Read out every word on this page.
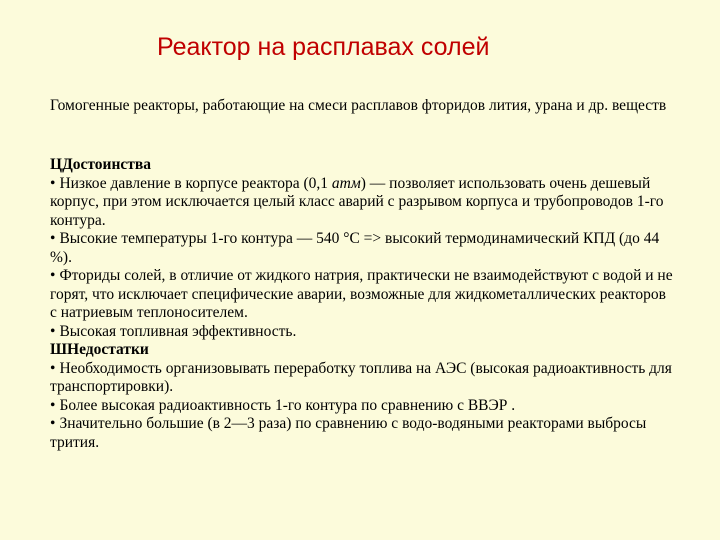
Реактор на расплавах солей
Гомогенные реакторы, работающие на смеси расплавов фторидов лития, урана и др. веществ
ЦДостоинства
• Низкое давление в корпусе реактора (0,1 атм) — позволяет использовать очень дешевый корпус, при этом исключается целый класс аварий с разрывом корпуса и трубопроводов 1-го контура.
• Высокие температуры 1-го контура — 540 °С => высокий термодинамический КПД (до 44 %).
• Фториды солей, в отличие от жидкого натрия, практически не взаимодействуют с водой и не горят, что исключает специфические аварии, возможные для жидкометаллических реакторов с натриевым теплоносителем.
• Высокая топливная эффективность.
ШНедостатки
• Необходимость организовывать переработку топлива на АЭС (высокая радиоактивность для транспортировки).
• Более высокая радиоактивность 1-го контура по сравнению с ВВЭР .
• Значительно большие (в 2—3 раза) по сравнению с водо-водяными реакторами выбросы трития.
